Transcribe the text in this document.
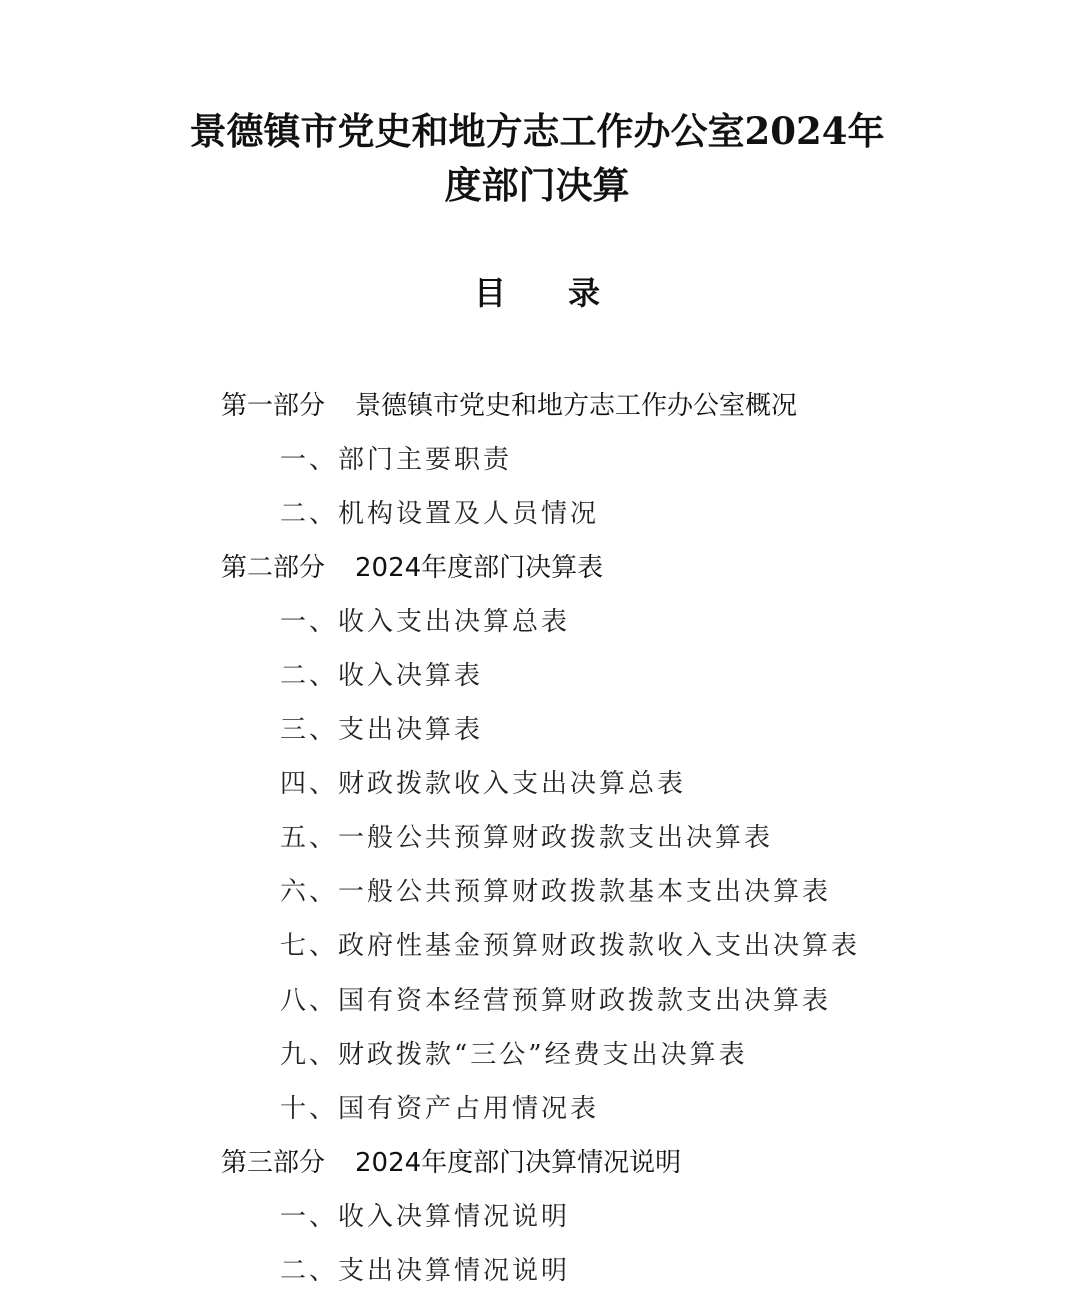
景德镇市党史和地方志工作办公室2024年
度部门决算
目 录
第一部分 景德镇市党史和地方志工作办公室概况
一、部门主要职责
二、机构设置及人员情况
第二部分 2024年度部门决算表
一、收入支出决算总表
二、收入决算表
三、支出决算表
四、财政拨款收入支出决算总表
五、一般公共预算财政拨款支出决算表
六、一般公共预算财政拨款基本支出决算表
七、政府性基金预算财政拨款收入支出决算表
八、国有资本经营预算财政拨款支出决算表
九、财政拨款“三公”经费支出决算表
十、国有资产占用情况表
第三部分 2024年度部门决算情况说明
一、收入决算情况说明
二、支出决算情况说明
